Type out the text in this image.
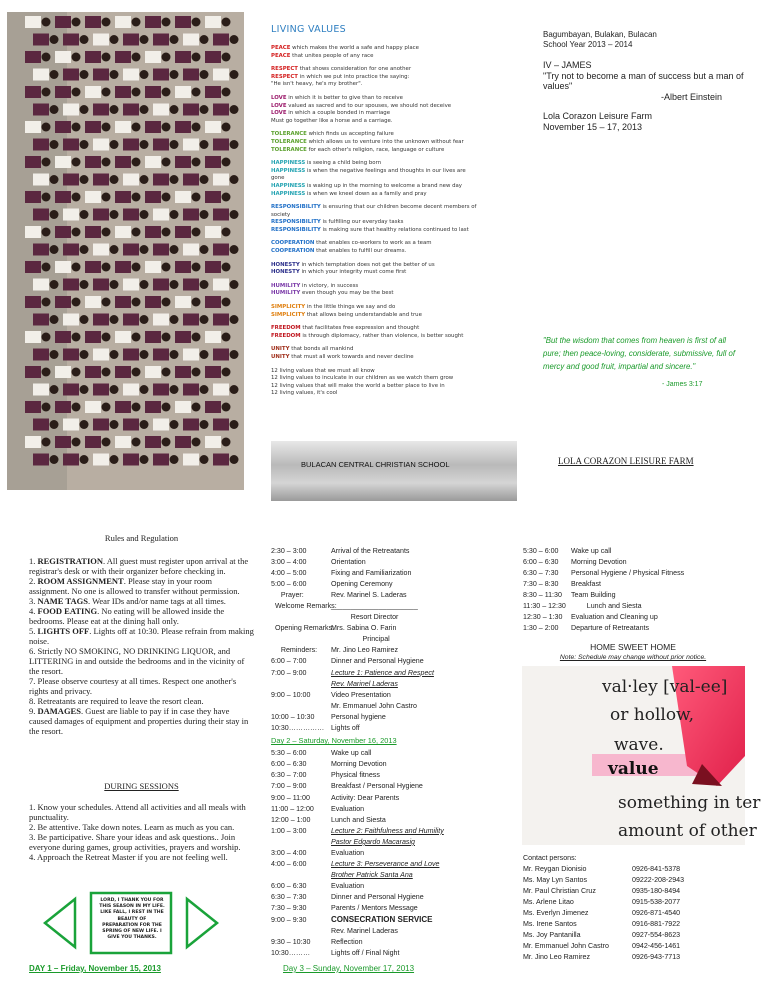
LIVING VALUES
PEACE which makes the world a safe and happy place
PEACE that unites people of any race
RESPECT that shows consideration for one another
RESPECT in which we put into practice the saying:
"He isn't heavy, he's my brother".
LOVE in which it is better to give than to receive
LOVE valued as sacred and to our spouses, we should not deceive
LOVE in which a couple bonded in marriage
Must go together like a horse and a carriage.
TOLERANCE which finds us accepting failure
TOLERANCE which allows us to venture into the unknown without fear
TOLERANCE for each other's religion, race, language or culture
HAPPINESS is seeing a child being born
HAPPINESS is when the negative feelings and thoughts in our lives are
gone
HAPPINESS is waking up in the morning to welcome a brand new day
HAPPINESS is when we kneel down as a family and pray
RESPONSIBILITY is ensuring that our children become decent members of
society
RESPONSIBILITY is fulfilling our everyday tasks
RESPONSIBILITY is making sure that healthy relations continued to last
COOPERATION that enables co-workers to work as a team
COOPERATION that enables to fulfill our dreams.
HONESTY in which temptation does not get the better of us
HONESTY in which your integrity must come first
HUMILITY in victory, in success
HUMILITY even though you may be the best
SIMPLICITY in the little things we say and do
SIMPLICITY that allows being understandable and true
FREEDOM that facilitates free expression and thought
FREEDOM is through diplomacy, rather than violence, is better sought
UNITY that bonds all mankind
UNITY that must all work towards and never decline
12 living values that we must all know
12 living values to inculcate in our children as we watch them grow
12 living values that will make the world a better place to live in
12 living values, it's cool
BULACAN CENTRAL CHRISTIAN SCHOOL
Bagumbayan, Bulakan, Bulacan
School Year 2013 – 2014
IV – JAMES
"Try not to become a man of success but a man of values"
-Albert Einstein
Lola Corazon Leisure Farm
November 15 – 17, 2013
"But the wisdom that comes from heaven is first of all pure; then peace-loving, considerate, submissive, full of mercy and good fruit, impartial and sincere."
- James 3:17
LOLA CORAZON LEISURE FARM
Rules and Regulation
1. REGISTRATION. All guest must register upon arrival at the registrar's desk or with their organizer before checking in.
2. ROOM ASSIGNMENT. Please stay in your room assignment. No one is allowed to transfer without permission.
3. NAME TAGS. Wear IDs and/or name tags at all times.
4. FOOD EATING. No eating will be allowed inside the bedrooms. Please eat at the dining hall only.
5. LIGHTS OFF. Lights off at 10:30. Please refrain from making noise.
6. Strictly NO SMOKING, NO DRINKING LIQUOR, and LITTERING in and outside the bedrooms and in the vicinity of the resort.
7. Please observe courtesy at all times. Respect one another's rights and privacy.
8. Retreatants are required to leave the resort clean.
9. DAMAGES. Guest are liable to pay if in case they have caused damages of equipment and properties during their stay in the resort.
DURING SESSIONS
1. Know your schedules. Attend all activities and all meals with punctuality.
2. Be attentive. Take down notes. Learn as much as you can.
3. Be participative. Share your ideas and ask questions.. Join everyone during games, group activities, prayers and worship.
4. Approach the Retreat Master if you are not feeling well.
LORD, I THANK YOU FOR THIS SEASON IN MY LIFE. LIKE FALL, I REST IN THE BEAUTY OF PREPARATION FOR THE SPRING OF NEW LIFE. I GIVE YOU THANKS.
DAY 1 – Friday, November 15, 2013
2:30 – 3:00	Arrival of the Retreatants
3:00 – 4:00	Orientation
4:00 – 5:00	Fixing and Familiarization
5:00 – 6:00	Opening Ceremony
Prayer:	Rev. Marinel S. Laderas
Welcome Remarks:
______________________
Resort Director
Opening Remarks:
Mrs. Sabina O. Farin
Principal
Reminders:	Mr. Jino Leo Ramirez
6:00 – 7:00	Dinner and Personal Hygiene
7:00 – 9:00	Lecture 1: Patience and Respect
Rev. Marinel Laderas
9:00 – 10:00	Video Presentation
Mr. Emmanuel John Castro
10:00 – 10:30	Personal hygiene
10:30…………… Lights off
Day 2 – Saturday, November 16, 2013
5:30 – 6:00	Wake up call
6:00 – 6:30	Morning Devotion
6:30 – 7:00	Physical fitness
7:00 – 9:00	Breakfast / Personal Hygiene
9:00 – 11:00	Activity: Dear Parents
11:00 – 12:00	Evaluation
12:00 – 1:00	Lunch and Siesta
1:00 – 3:00	Lecture 2: Faithfulness and Humility
Pastor Edgardo Macarasig
3:00 – 4:00	Evaluation
4:00 – 6:00	Lecture 3: Perseverance and Love
Brother Patrick Santa Ana
6:00 – 6:30	Evaluation
6:30 – 7:30	Dinner and Personal Hygiene
7:30 – 9:30	Parents / Mentors Message
9:00 – 9:30	CONSECRATION SERVICE
Rev. Marinel Laderas
9:30 – 10:30	Reflection
10:30………	Lights off / Final Night
Day 3 – Sunday, November 17, 2013
5:30 – 6:00	Wake up call
6:00 – 6:30	Morning Devotion
6:30 – 7:30	Personal Hygiene / Physical Fitness
7:30 – 8:30	Breakfast
8:30 – 11:30	Team Building
11:30 – 12:30 Lunch and Siesta
12:30 – 1:30	Evaluation and Cleaning up
1:30 – 2:00	Departure of Retreatants
HOME SWEET HOME
Note: Schedule may change without prior notice.
val·ley [val-ee]
or hollow,
wave.
value
something in ter
amount of other
Contact persons:
Mr. Reygan Dionisio	0926-841-5378
Ms. May Lyn Santos	09222-208-2943
Mr. Paul Christian Cruz	0935-180-8494
Ms. Arlene Litao	0915-538-2077
Ms. Everlyn Jimenez	0926-871-4540
Ms. Irene Santos	0916-881-7922
Ms. Joy Pantanilla	0927-554-8623
Mr. Emmanuel John Castro	0942-456-1461
Mr. Jino Leo Ramirez	0926-943-7713
